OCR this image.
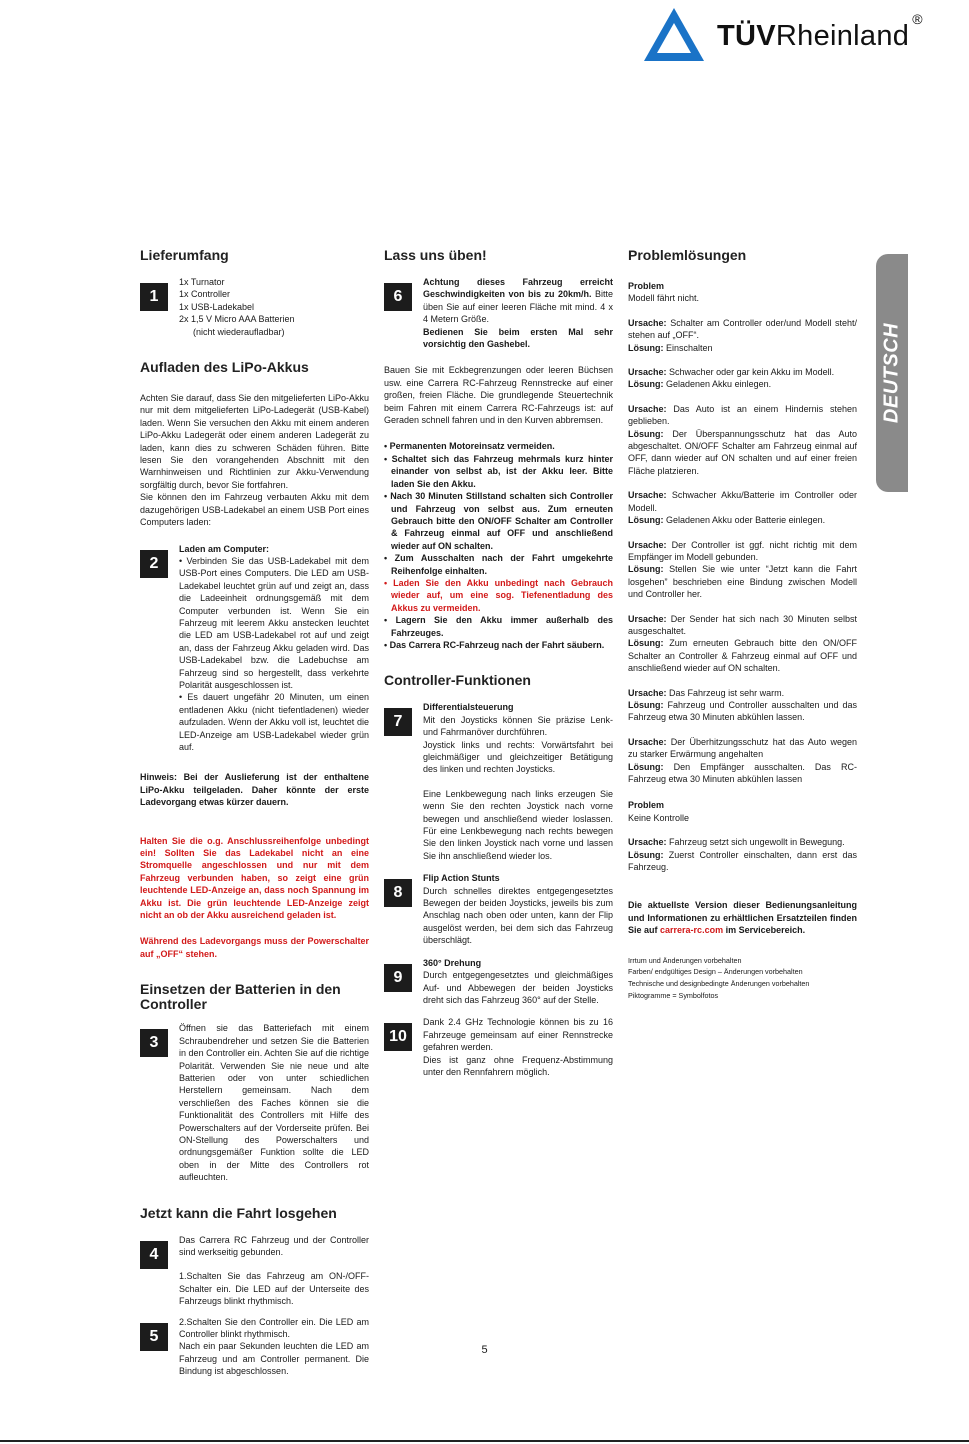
TÜVRheinland®
DEUTSCH
Lieferumfang
1
1x Turnator
1x Controller
1x USB-Ladekabel
2x 1,5 V Micro AAA Batterien
(nicht wiederaufladbar)
Aufladen des LiPo-Akkus

Achten Sie darauf, dass Sie den mitgelieferten LiPo-Akku nur mit dem mitgelieferten LiPo-Ladegerät (USB-Kabel) laden. Wenn Sie versuchen den Akku mit einem anderen LiPo-Akku Ladegerät oder einem anderen Ladegerät zu laden, kann dies zu schweren Schäden führen. Bitte lesen Sie den vorangehenden Abschnitt mit den Warnhinweisen und Richtlinien zur Akku-Verwendung sorgfältig durch, bevor Sie fortfahren.

Sie können den im Fahrzeug verbauten Akku mit dem dazugehörigen USB-Ladekabel an einem USB Port eines Computers laden:

2

Laden am Computer:

• Verbinden Sie das USB-Ladekabel mit dem USB-Port eines Computers. Die LED am USB-Ladekabel leuchtet grün auf und zeigt an, dass die Ladeeinheit ordnungsgemäß mit dem Computer verbunden ist. Wenn Sie ein Fahrzeug mit leerem Akku anstecken leuchtet die LED am USB-Ladekabel rot auf und zeigt an, dass der Fahrzeug Akku geladen wird. Das USB-Ladekabel bzw. die Ladebuchse am Fahrzeug sind so hergestellt, dass verkehrte Polarität ausgeschlossen ist.

• Es dauert ungefähr 20 Minuten, um einen entladenen Akku (nicht tiefentladenen) wieder aufzuladen. Wenn der Akku voll ist, leuchtet die LED-Anzeige am USB-Ladekabel wieder grün auf.

Hinweis: Bei der Auslieferung ist der enthaltene LiPo-Akku teilgeladen. Daher könnte der erste Ladevorgang etwas kürzer dauern.

Halten Sie die o.g. Anschlussreihenfolge unbedingt ein! Sollten Sie das Ladekabel nicht an eine Stromquelle angeschlossen und nur mit dem Fahrzeug verbunden haben, so zeigt eine grün leuchtende LED-Anzeige an, dass noch Spannung im Akku ist. Die grün leuchtende LED-Anzeige zeigt nicht an ob der Akku ausreichend geladen ist.

Während des Ladevorgangs muss der Powerschalter auf „OFF“ stehen.

Einsetzen der Batterien in den Controller
3

Öffnen sie das Batteriefach mit einem Schraubendreher und setzen Sie die Batterien in den Controller ein. Achten Sie auf die richtige Polarität. Verwenden Sie nie neue und alte Batterien oder von unter schiedlichen Herstellern gemeinsam. Nach dem verschließen des Faches können sie die Funktionalität des Controllers mit Hilfe des Powerschalters auf der Vorderseite prüfen. Bei ON-Stellung des Powerschalters und ordnungsgemäßer Funktion sollte die LED oben in der Mitte des Controllers rot aufleuchten.

Jetzt kann die Fahrt losgehen
4

Das Carrera RC Fahrzeug und der Controller sind werkseitig gebunden.

1.Schalten Sie das Fahrzeug am ON-/OFF-Schalter ein. Die LED auf der Unterseite des Fahrzeugs blinkt rhythmisch.

5

2.Schalten Sie den Controller ein. Die LED am Controller blinkt rhythmisch.

Nach ein paar Sekunden leuchten die LED am Fahrzeug und am Controller permanent. Die Bindung ist abgeschlossen.

Lass uns üben!
6

Achtung dieses Fahrzeug erreicht Geschwindigkeiten von bis zu 20km/h. Bitte üben Sie auf einer leeren Fläche mit mind. 4 x 4 Metern Größe.

Bedienen Sie beim ersten Mal sehr vorsichtig den Gashebel.

Bauen Sie mit Eckbegrenzungen oder leeren Büchsen usw. eine Carrera RC-Fahrzeug Rennstrecke auf einer großen, freien Fläche. Die grundlegende Steuertechnik beim Fahren mit einem Carrera RC-Fahrzeugs ist: auf Geraden schnell fahren und in den Kurven abbremsen.

• Permanenten Motoreinsatz vermeiden.
• Schaltet sich das Fahrzeug mehrmals kurz hinter einander von selbst ab, ist der Akku leer. Bitte laden Sie den Akku.
• Nach 30 Minuten Stillstand schalten sich Controller und Fahrzeug von selbst aus. Zum erneuten Gebrauch bitte den ON/OFF Schalter am Controller & Fahrzeug einmal auf OFF und anschließend wieder auf ON schalten.
• Zum Ausschalten nach der Fahrt umgekehrte Reihenfolge einhalten.
• Laden Sie den Akku unbedingt nach Gebrauch wieder auf, um eine sog. Tiefenentladung des Akkus zu vermeiden.
• Lagern Sie den Akku immer außerhalb des Fahrzeuges.
• Das Carrera RC-Fahrzeug nach der Fahrt säubern.
Controller-Funktionen
7

Differentialsteuerung

Mit den Joysticks können Sie präzise Lenk- und Fahrmanöver durchführen.

Joystick links und rechts: Vorwärtsfahrt bei gleichmäßiger und gleichzeitiger Betätigung des linken und rechten Joysticks.

Eine Lenkbewegung nach links erzeugen Sie wenn Sie den rechten Joystick nach vorne bewegen und anschließend wieder loslassen. Für eine Lenkbewegung nach rechts bewegen Sie den linken Joystick nach vorne und lassen Sie ihn anschließend wieder los.

8

Flip Action Stunts

Durch schnelles direktes entgegengesetztes Bewegen der beiden Joysticks, jeweils bis zum Anschlag nach oben oder unten, kann der Flip ausgelöst werden, bei dem sich das Fahrzeug überschlägt.

9

360° Drehung

Durch entgegengesetztes und gleichmäßiges Auf- und Abbewegen der beiden Joysticks dreht sich das Fahrzeug 360° auf der Stelle.

10

Dank 2.4 GHz Technologie können bis zu 16 Fahrzeuge gemeinsam auf einer Rennstrecke gefahren werden.

Dies ist ganz ohne Frequenz-Abstimmung unter den Rennfahrern möglich.

Problemlösungen

Problem

Modell fährt nicht.

Ursache: Schalter am Controller oder/und Modell steht/ stehen auf „OFF“.

Lösung: Einschalten

Ursache: Schwacher oder gar kein Akku im Modell.

Lösung: Geladenen Akku einlegen.

Ursache: Das Auto ist an einem Hindernis stehen geblieben.

Lösung: Der Überspannungsschutz hat das Auto abgeschaltet. ON/OFF Schalter am Fahrzeug einmal auf OFF, dann wieder auf ON schalten und auf einer freien Fläche platzieren.

Ursache: Schwacher Akku/Batterie im Controller oder Modell.

Lösung: Geladenen Akku oder Batterie einlegen.

Ursache: Der Controller ist ggf. nicht richtig mit dem Empfänger im Modell gebunden.

Lösung: Stellen Sie wie unter “Jetzt kann die Fahrt losgehen” beschrieben eine Bindung zwischen Modell und Controller her.

Ursache: Der Sender hat sich nach 30 Minuten selbst ausgeschaltet.

Lösung: Zum erneuten Gebrauch bitte den ON/OFF Schalter an Controller & Fahrzeug einmal auf OFF und anschließend wieder auf ON schalten.

Ursache: Das Fahrzeug ist sehr warm.

Lösung: Fahrzeug und Controller ausschalten und das Fahrzeug etwa 30 Minuten abkühlen lassen.

Ursache: Der Überhitzungsschutz hat das Auto wegen zu starker Erwärmung angehalten

Lösung: Den Empfänger ausschalten. Das RC-Fahrzeug etwa 30 Minuten abkühlen lassen

Problem

Keine Kontrolle

Ursache: Fahrzeug setzt sich ungewollt in Bewegung.

Lösung: Zuerst Controller einschalten, dann erst das Fahrzeug.

Die aktuellste Version dieser Bedienungsanleitung und Informationen zu erhältlichen Ersatzteilen finden Sie auf carrera-rc.com im Servicebereich.

Irrtum und Änderungen vorbehalten
Farben/ endgültiges Design – Änderungen vorbehalten
Technische und designbedingte Änderungen vorbehalten
Piktogramme = Symbolfotos
5
